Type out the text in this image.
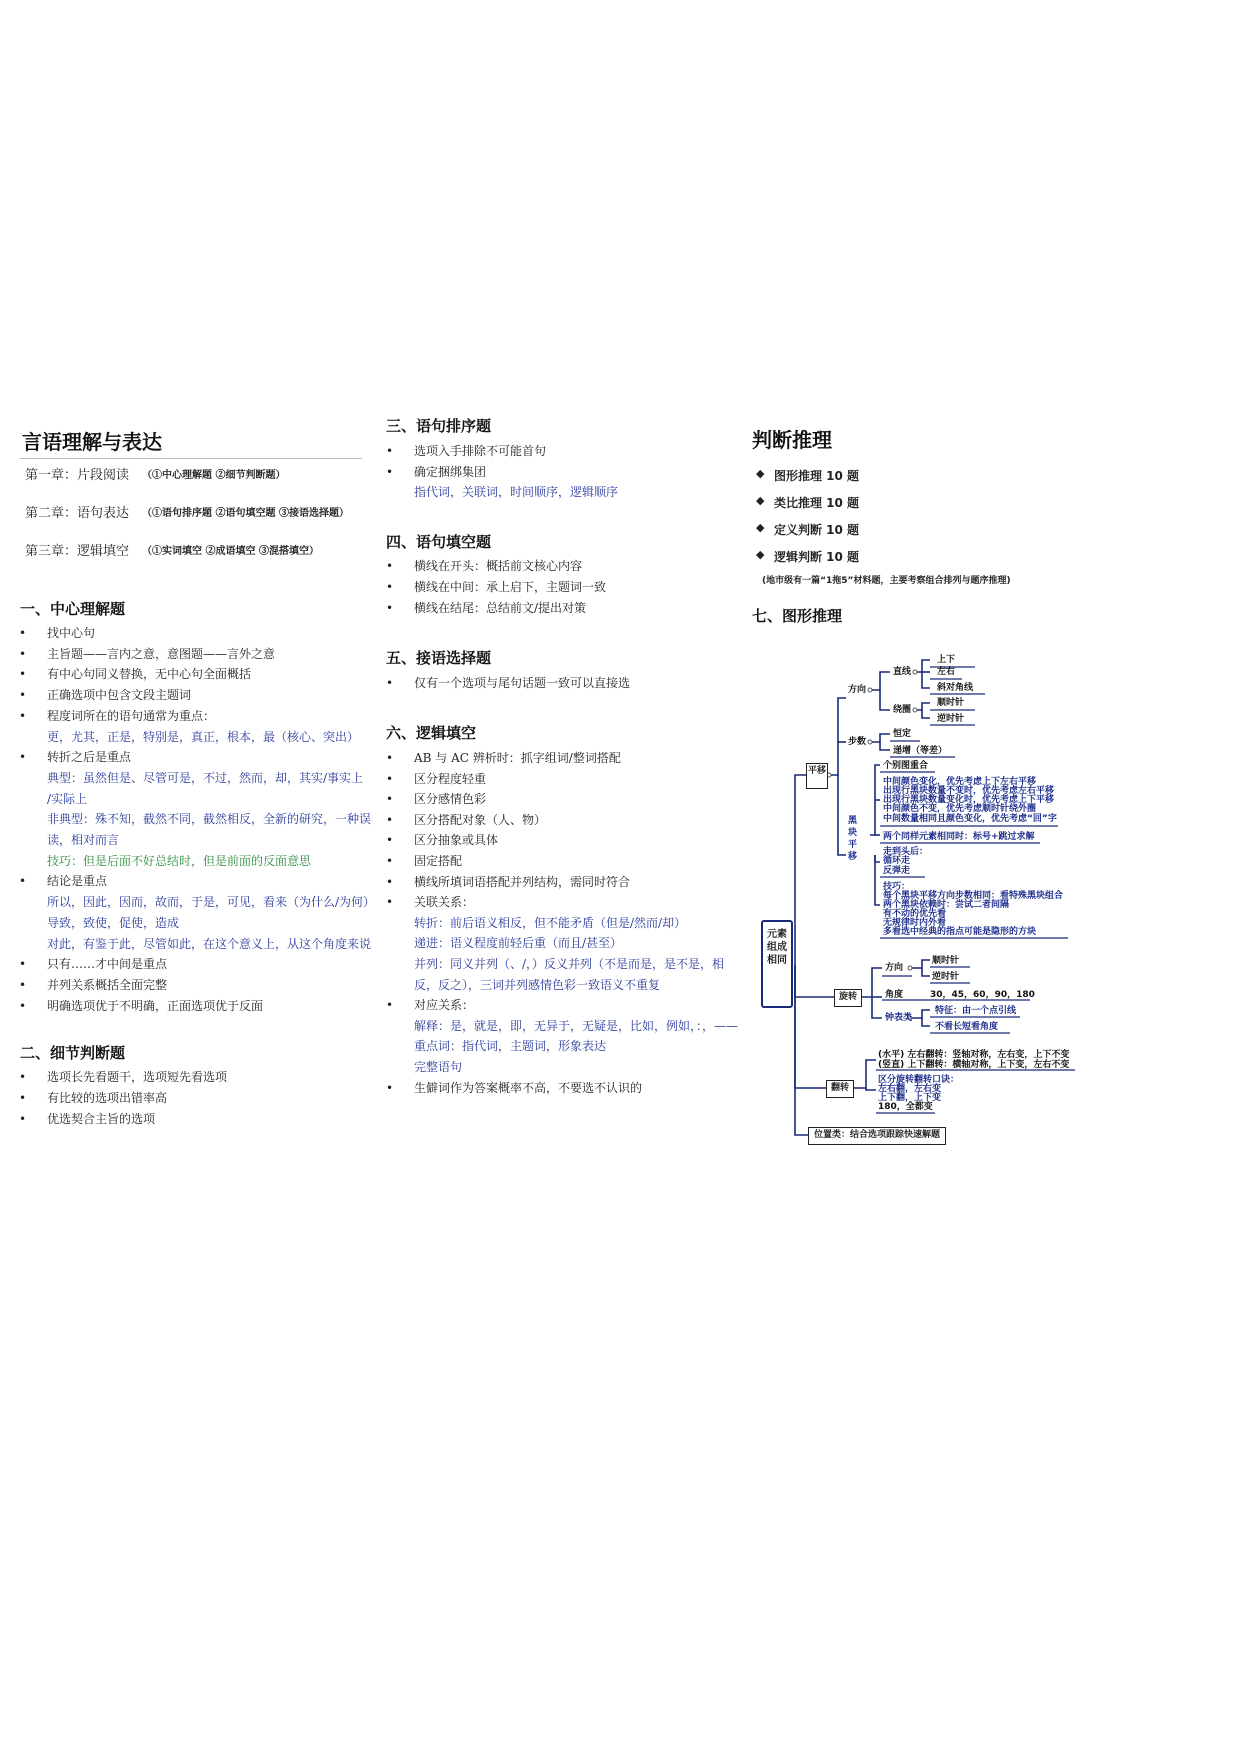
言语理解与表达
第一章：片段阅读 （①中心理解题 ②细节判断题）
第二章：语句表达 （①语句排序题 ②语句填空题 ③接语选择题）
第三章：逻辑填空 （①实词填空 ②成语填空 ③混搭填空）
一、中心理解题
• 找中心句
• 主旨题——言内之意，意图题——言外之意
• 有中心句同义替换，无中心句全面概括
• 正确选项中包含文段主题词
• 程度词所在的语句通常为重点：
更，尤其，正是，特别是，真正，根本，最（核心、突出）
• 转折之后是重点
典型：虽然但是、尽管可是，不过，然而，却，其实/事实上
/实际上
非典型：殊不知，截然不同，截然相反，全新的研究，一种误
读，相对而言
技巧：但是后面不好总结时，但是前面的反面意思
• 结论是重点
所以，因此，因而，故而，于是，可见，看来（为什么/为何）
导致，致使，促使，造成
对此，有鉴于此，尽管如此，在这个意义上，从这个角度来说
• 只有……才中间是重点
• 并列关系概括全面完整
• 明确选项优于不明确，正面选项优于反面
二、细节判断题
• 选项长先看题干，选项短先看选项
• 有比较的选项出错率高
• 优选契合主旨的选项
三、语句排序题
• 选项入手排除不可能首句
• 确定捆绑集团
指代词，关联词，时间顺序，逻辑顺序
四、语句填空题
• 横线在开头：概括前文核心内容
• 横线在中间：承上启下，主题词一致
• 横线在结尾：总结前文/提出对策
五、接语选择题
• 仅有一个选项与尾句话题一致可以直接选
六、逻辑填空
• AB 与 AC 辨析时：抓字组词/整词搭配
• 区分程度轻重
• 区分感情色彩
• 区分搭配对象（人、物）
• 区分抽象或具体
• 固定搭配
• 横线所填词语搭配并列结构，需同时符合
• 关联关系：
转折：前后语义相反，但不能矛盾（但是/然而/却）
递进：语义程度前轻后重（而且/甚至）
并列：同义并列（、/，）反义并列（不是而是，是不是，相
反，反之），三词并列感情色彩一致语义不重复
• 对应关系：
解释：是，就是，即，无异于，无疑是，比如，例如，：，——
重点词：指代词，主题词，形象表达
完整语句
• 生僻词作为答案概率不高，不要选不认识的
判断推理
◆ 图形推理 10 题
◆ 类比推理 10 题
◆ 定义判断 10 题
◆ 逻辑判断 10 题
(地市级有一篇“1拖5”材料题，主要考察组合排列与题序推理)
七、图形推理
元素组成相同
平移
旋转
翻转
位置类：结合选项跟踪快速解题
方向
直线
上下
左右
斜对角线
绕圈
顺时针
逆时针
步数
恒定
递增（等差）
个别图重合
黑块平移
中间颜色变化，优先考虑上下左右平移
出现行黑块数量不变时，优先考虑左右平移
出现行黑块数量变化时，优先考虑上下平移
中间颜色不变，优先考虑顺时针绕外圈
中间数量相同且颜色变化，优先考虑“回”字
两个同样元素相同时：标号+跳过求解
走到头后：
循环走
反弹走
技巧：
每个黑块平移方向步数相同：看特殊黑块组合
两个黑块依赖时：尝试二者间隔
有不动的优先看
无规律时内外看
多看选中经典的指点可能是隐形的方块
方向
顺时针
逆时针
角度	30，45，60，90，180
钟表类
特征：由一个点引线
不看长短看角度
(水平) 左右翻转：竖轴对称，左右变，上下不变
(竖直) 上下翻转：横轴对称，上下变，左右不变
区分旋转翻转口诀：
左右翻，左右变
上下翻，上下变
180，全都变
